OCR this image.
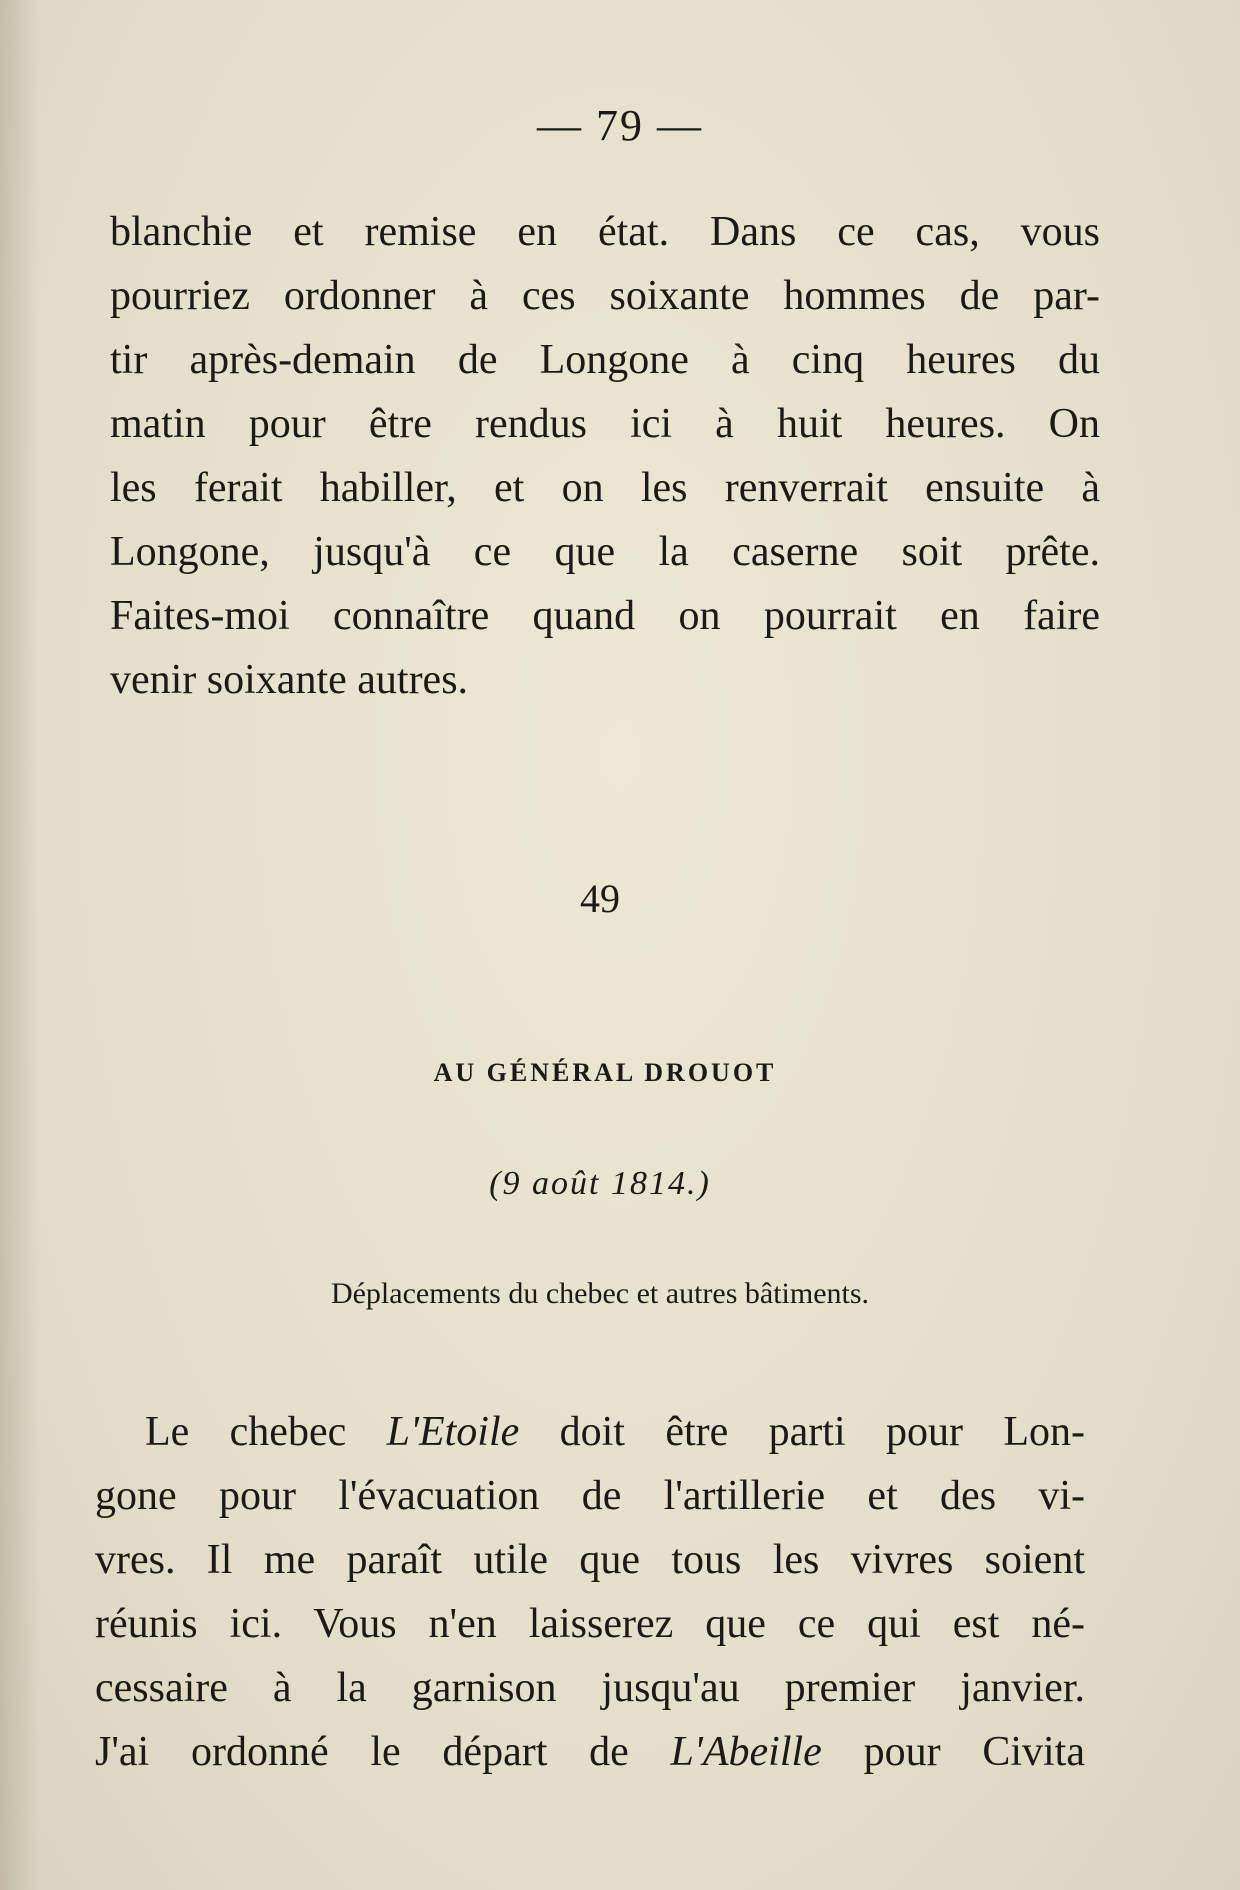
— 79 —
blanchie et remise en état. Dans ce cas, vous
pourriez ordonner à ces soixante hommes de par-
tir après-demain de Longone à cinq heures du
matin pour être rendus ici à huit heures. On
les ferait habiller, et on les renverrait ensuite à
Longone, jusqu'à ce que la caserne soit prête.
Faites-moi connaître quand on pourrait en faire
venir soixante autres.
49
AU GÉNÉRAL DROUOT
(9 août 1814.)
Déplacements du chebec et autres bâtiments.
Le chebec L'Etoile doit être parti pour Lon-
gone pour l'évacuation de l'artillerie et des vi-
vres. Il me paraît utile que tous les vivres soient
réunis ici. Vous n'en laisserez que ce qui est né-
cessaire à la garnison jusqu'au premier janvier.
J'ai ordonné le départ de L'Abeille pour Civita
